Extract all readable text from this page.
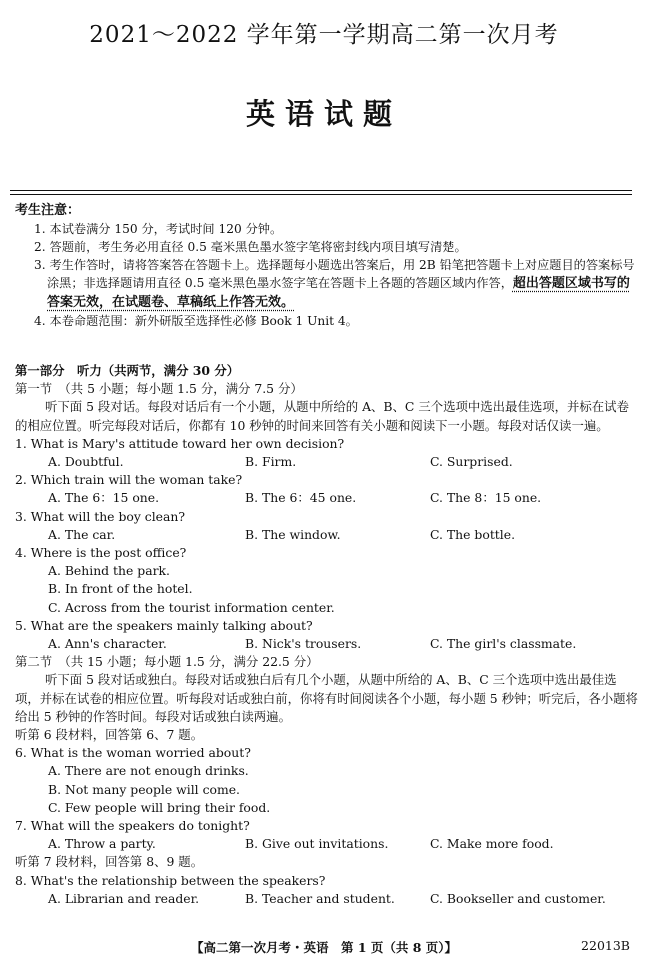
2021～2022 学年第一学期高二第一次月考
英语试题
考生注意：
1. 本试卷满分 150 分，考试时间 120 分钟。
2. 答题前，考生务必用直径 0.5 毫米黑色墨水签字笔将密封线内项目填写清楚。
3. 考生作答时，请将答案答在答题卡上。选择题每小题选出答案后，用 2B 铅笔把答题卡上对应题目的答案标号涂黑；非选择题请用直径 0.5 毫米黑色墨水签字笔在答题卡上各题的答题区域内作答，超出答题区域书写的答案无效，在试题卷、草稿纸上作答无效。
4. 本卷命题范围：新外研版至选择性必修 Book 1 Unit 4。
第一部分　听力（共两节，满分 30 分）
第一节　（共 5 小题；每小题 1.5 分，满分 7.5 分）
听下面 5 段对话。每段对话后有一个小题，从题中所给的 A、B、C 三个选项中选出最佳选项，并标在试卷的相应位置。听完每段对话后，你都有 10 秒钟的时间来回答有关小题和阅读下一小题。每段对话仅读一遍。
1. What is Mary's attitude toward her own decision?
A. Doubtful.	B. Firm.	C. Surprised.
2. Which train will the woman take?
A. The 6：15 one.	B. The 6：45 one.	C. The 8：15 one.
3. What will the boy clean?
A. The car.	B. The window.	C. The bottle.
4. Where is the post office?
A. Behind the park.
B. In front of the hotel.
C. Across from the tourist information center.
5. What are the speakers mainly talking about?
A. Ann's character.	B. Nick's trousers.	C. The girl's classmate.
第二节　（共 15 小题；每小题 1.5 分，满分 22.5 分）
听下面 5 段对话或独白。每段对话或独白后有几个小题，从题中所给的 A、B、C 三个选项中选出最佳选项，并标在试卷的相应位置。听每段对话或独白前，你将有时间阅读各个小题，每小题 5 秒钟；听完后，各小题将给出 5 秒钟的作答时间。每段对话或独白读两遍。
听第 6 段材料，回答第 6、7 题。
6. What is the woman worried about?
A. There are not enough drinks.
B. Not many people will come.
C. Few people will bring their food.
7. What will the speakers do tonight?
A. Throw a party.	B. Give out invitations.	C. Make more food.
听第 7 段材料，回答第 8、9 题。
8. What's the relationship between the speakers?
A. Librarian and reader.	B. Teacher and student.	C. Bookseller and customer.
【高二第一次月考・英语　第 1 页（共 8 页）】	22013B
